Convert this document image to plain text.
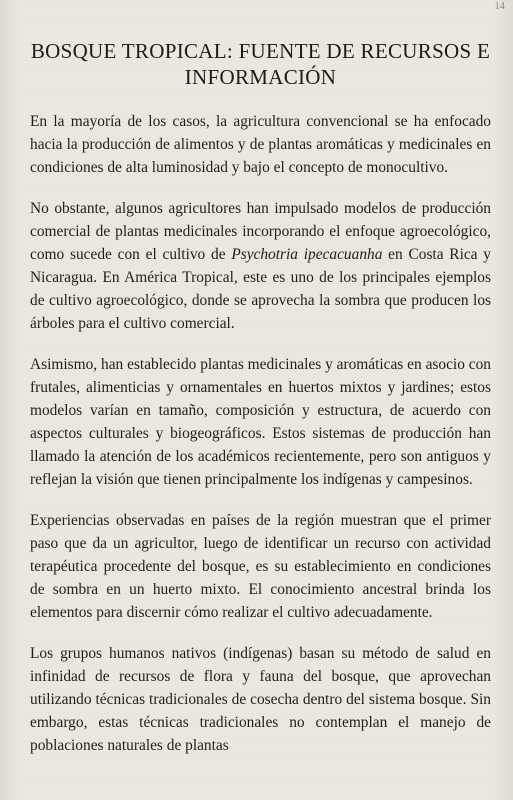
14
BOSQUE TROPICAL: FUENTE DE RECURSOS E INFORMACIÓN

En la mayoría de los casos, la agricultura convencional se ha enfocado hacia la producción de alimentos y de plantas aromáticas y medicinales en condiciones de alta luminosidad y bajo el concepto de monocultivo.

No obstante, algunos agricultores han impulsado modelos de producción comercial de plantas medicinales incorporando el enfoque agroecológico, como sucede con el cultivo de Psychotria ipecacuanha en Costa Rica y Nicaragua. En América Tropical, este es uno de los principales ejemplos de cultivo agroecológico, donde se aprovecha la sombra que producen los árboles para el cultivo comercial.

Asimismo, han establecido plantas medicinales y aromáticas en asocio con frutales, alimenticias y ornamentales en huertos mixtos y jardines; estos modelos varían en tamaño, composición y estructura, de acuerdo con aspectos culturales y biogeográficos. Estos sistemas de producción han llamado la atención de los académicos recientemente, pero son antiguos y reflejan la visión que tienen principalmente los indígenas y campesinos.

Experiencias observadas en países de la región muestran que el primer paso que da un agricultor, luego de identificar un recurso con actividad terapéutica procedente del bosque, es su establecimiento en condiciones de sombra en un huerto mixto. El conocimiento ancestral brinda los elementos para discernir cómo realizar el cultivo adecuadamente.

Los grupos humanos nativos (indígenas) basan su método de salud en infinidad de recursos de flora y fauna del bosque, que aprovechan utilizando técnicas tradicionales de cosecha dentro del sistema bosque. Sin embargo, estas técnicas tradicionales no contemplan el manejo de poblaciones naturales de plantas
